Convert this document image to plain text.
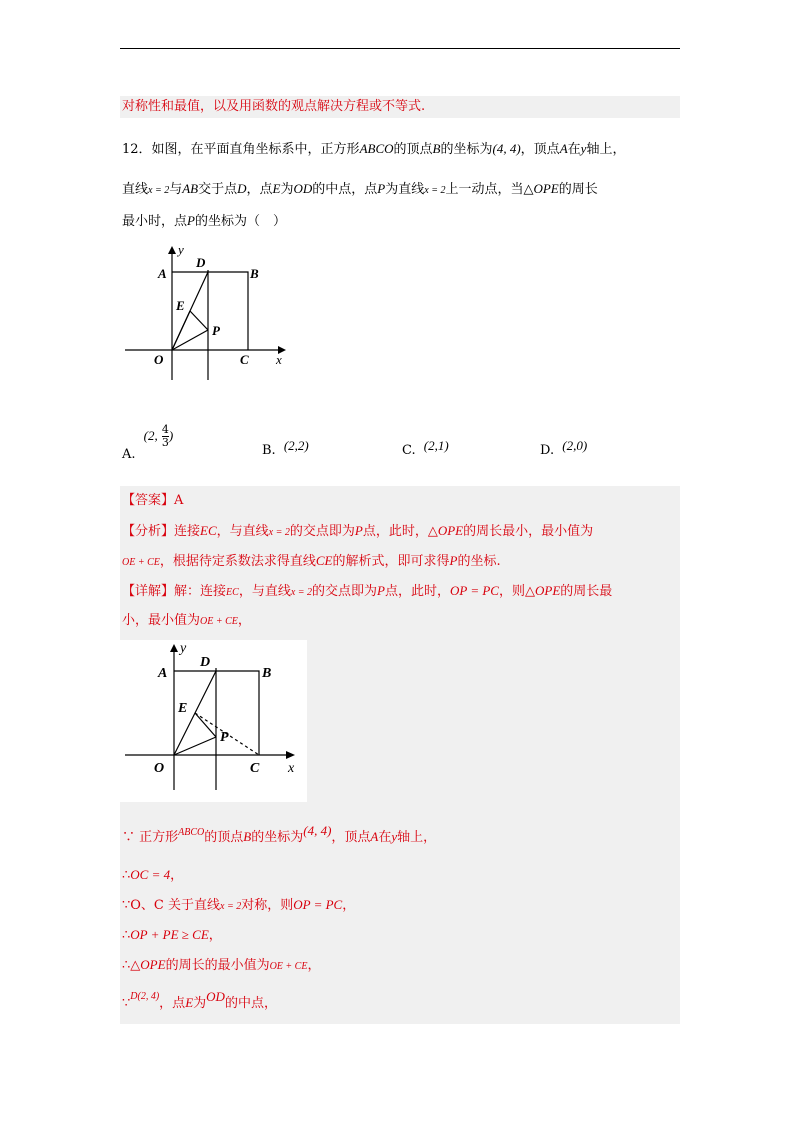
对称性和最值，以及用函数的观点解决方程或不等式.
12．如图，在平面直角坐标系中，正方形ABCO的顶点B的坐标为(4, 4)，顶点A在y轴上，
直线x = 2与AB交于点D，点E为OD的中点，点P为直线x = 2上一动点，当△OPE的周长
最小时，点P的坐标为（　）
y
A
D
B
E
P
O	C x
A. (2, $\frac{4}{3}$ )
B. (2,2)	C. (2,1)	D. (2,0)
【答案】A
【分析】连接EC，与直线x = 2的交点即为P点，此时，△OPE的周长最小，最小值为
OE + CE，根据待定系数法求得直线CE的解析式，即可求得P的坐标.
【详解】解：连接EC，与直线x = 2的交点即为P点，此时，OP = PC，则△OPE的周长最
小，最小值为OE + CE，
y
A
D
B
E
P
O	C x
∵ 正方形$^{ABCO}$的顶点B的坐标为(4, 4)，顶点A在y轴上，
∴OC = 4，
∵O、C 关于直线x = 2对称，则OP = PC，
∴OP + PE ≥ CE，
∴△OPE的周长的最小值为OE + CE，
∵$^{D(2, 4)}$，点E为OD的中点，
